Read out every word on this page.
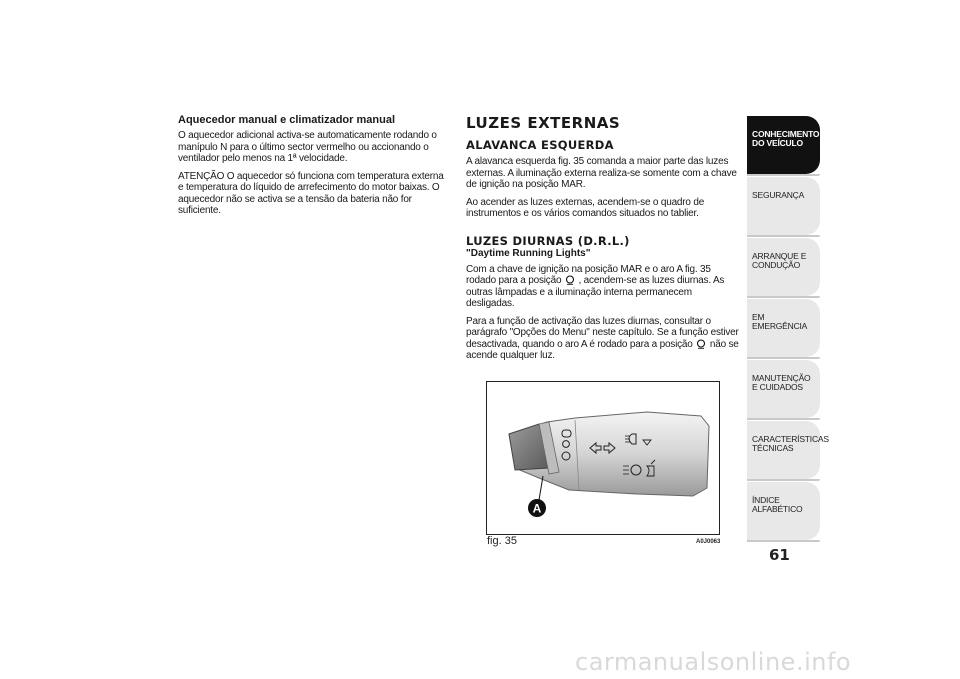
Aquecedor manual e climatizador manual

O aquecedor adicional activa-se automaticamente rodando o manípulo N para o último sector vermelho ou accionando o ventilador pelo menos na 1ª velocidade.

ATENÇÃO O aquecedor só funciona com temperatura externa e temperatura do líquido de arrefecimento do motor baixas. O aquecedor não se activa se a tensão da bateria não for suficiente.

LUZES EXTERNAS
ALAVANCA ESQUERDA

A alavanca esquerda fig. 35 comanda a maior parte das luzes externas. A iluminação externa realiza-se somente com a chave de ignição na posição MAR.

Ao acender as luzes externas, acendem-se o quadro de instrumentos e os vários comandos situados no tablier.

LUZES DIURNAS (D.R.L.)
"Daytime Running Lights"

Com a chave de ignição na posição MAR e o aro A fig. 35 rodado para a posição , acendem-se as luzes diurnas. As outras lâmpadas e a iluminação interna permanecem desligadas.

Para a função de activação das luzes diurnas, consultar o parágrafo "Opções do Menu" neste capítulo. Se a função estiver desactivada, quando o aro A é rodado para a posição não se acende qualquer luz.

A
fig. 35	A0J0063
CONHECIMENTO DO VEÍCULO
SEGURANÇA
ARRANQUE E CONDUÇÃO
EM EMERGÊNCIA
MANUTENÇÃO E CUIDADOS
CARACTERÍSTICAS TÉCNICAS
ÍNDICE ALFABÉTICO
61
carmanualsonline.info
